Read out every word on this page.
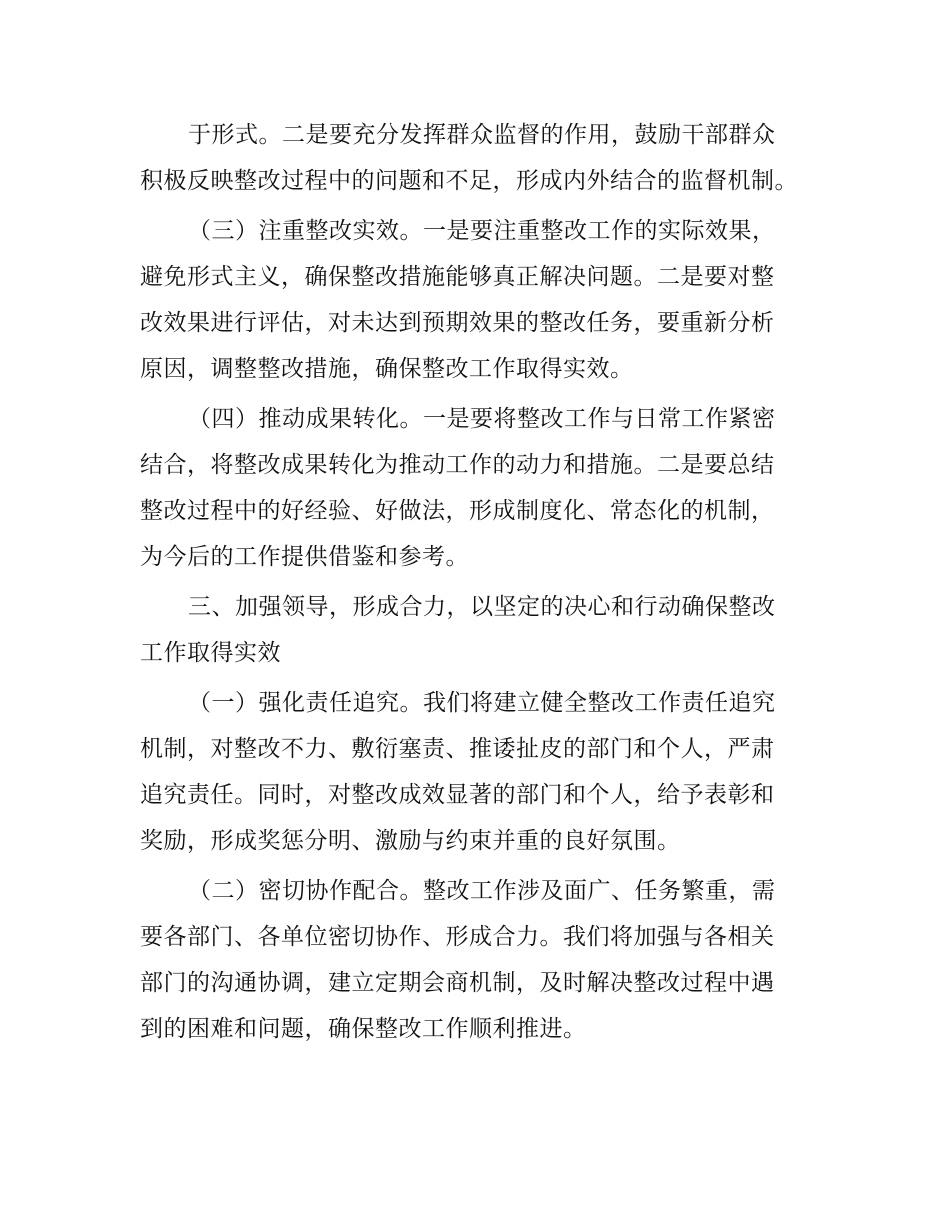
于形式。二是要充分发挥群众监督的作用，鼓励干部群众
积极反映整改过程中的问题和不足，形成内外结合的监督机制。
（三）注重整改实效。一是要注重整改工作的实际效果，
避免形式主义，确保整改措施能够真正解决问题。二是要对整
改效果进行评估，对未达到预期效果的整改任务，要重新分析
原因，调整整改措施，确保整改工作取得实效。
（四）推动成果转化。一是要将整改工作与日常工作紧密
结合，将整改成果转化为推动工作的动力和措施。二是要总结
整改过程中的好经验、好做法，形成制度化、常态化的机制，
为今后的工作提供借鉴和参考。
三、加强领导，形成合力，以坚定的决心和行动确保整改
工作取得实效
（一）强化责任追究。我们将建立健全整改工作责任追究
机制，对整改不力、敷衍塞责、推诿扯皮的部门和个人，严肃
追究责任。同时，对整改成效显著的部门和个人，给予表彰和
奖励，形成奖惩分明、激励与约束并重的良好氛围。
（二）密切协作配合。整改工作涉及面广、任务繁重，需
要各部门、各单位密切协作、形成合力。我们将加强与各相关
部门的沟通协调，建立定期会商机制，及时解决整改过程中遇
到的困难和问题，确保整改工作顺利推进。
